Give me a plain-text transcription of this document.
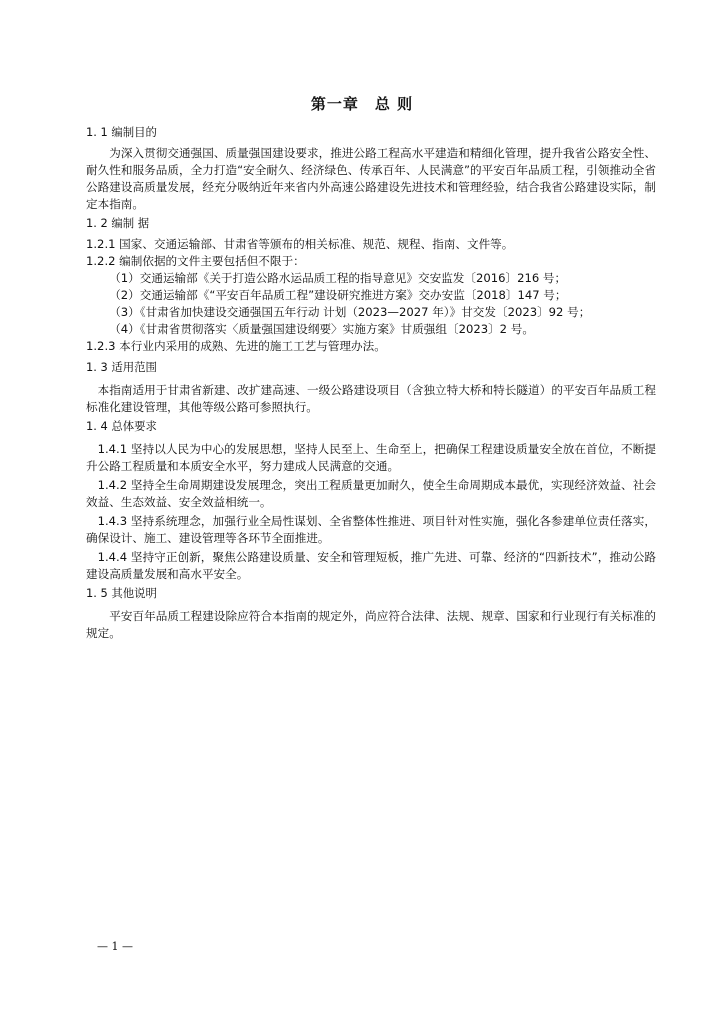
第一章　总 则
1. 1 编制目的

为深入贯彻交通强国、质量强国建设要求，推进公路工程高水平建造和精细化管理，提升我省公路安全性、耐久性和服务品质，全力打造“安全耐久、经济绿色、传承百年、人民满意”的平安百年品质工程，引领推动全省公路建设高质量发展，经充分吸纳近年来省内外高速公路建设先进技术和管理经验，结合我省公路建设实际，制定本指南。

1. 2 编制 据

1.2.1 国家、交通运输部、甘肃省等颁布的相关标准、规范、规程、指南、文件等。

1.2.2 编制依据的文件主要包括但不限于：

（1）交通运输部《关于打造公路水运品质工程的指导意见》交安监发〔2016〕216 号；

（2）交通运输部《“平安百年品质工程”建设研究推进方案》交办安监〔2018〕147 号；

（3）《甘肃省加快建设交通强国五年行动 计划（2023—2027 年）》甘交发〔2023〕92 号；

（4）《甘肃省贯彻落实〈质量强国建设纲要〉实施方案》甘质强组〔2023〕2 号。

1.2.3 本行业内采用的成熟、先进的施工工艺与管理办法。

1. 3 适用范围

本指南适用于甘肃省新建、改扩建高速、一级公路建设项目（含独立特大桥和特长隧道）的平安百年品质工程标准化建设管理，其他等级公路可参照执行。

1. 4 总体要求

1.4.1 坚持以人民为中心的发展思想，坚持人民至上、生命至上，把确保工程建设质量安全放在首位，不断提升公路工程质量和本质安全水平，努力建成人民满意的交通。

1.4.2 坚持全生命周期建设发展理念，突出工程质量更加耐久，使全生命周期成本最优，实现经济效益、社会效益、生态效益、安全效益相统一。

1.4.3 坚持系统理念，加强行业全局性谋划、全省整体性推进、项目针对性实施，强化各参建单位责任落实，确保设计、施工、建设管理等各环节全面推进。

1.4.4 坚持守正创新，聚焦公路建设质量、安全和管理短板，推广先进、可靠、经济的“四新技术”，推动公路建设高质量发展和高水平安全。

1. 5 其他说明

平安百年品质工程建设除应符合本指南的规定外，尚应符合法律、法规、规章、国家和行业现行有关标准的规定。

— 1 —
